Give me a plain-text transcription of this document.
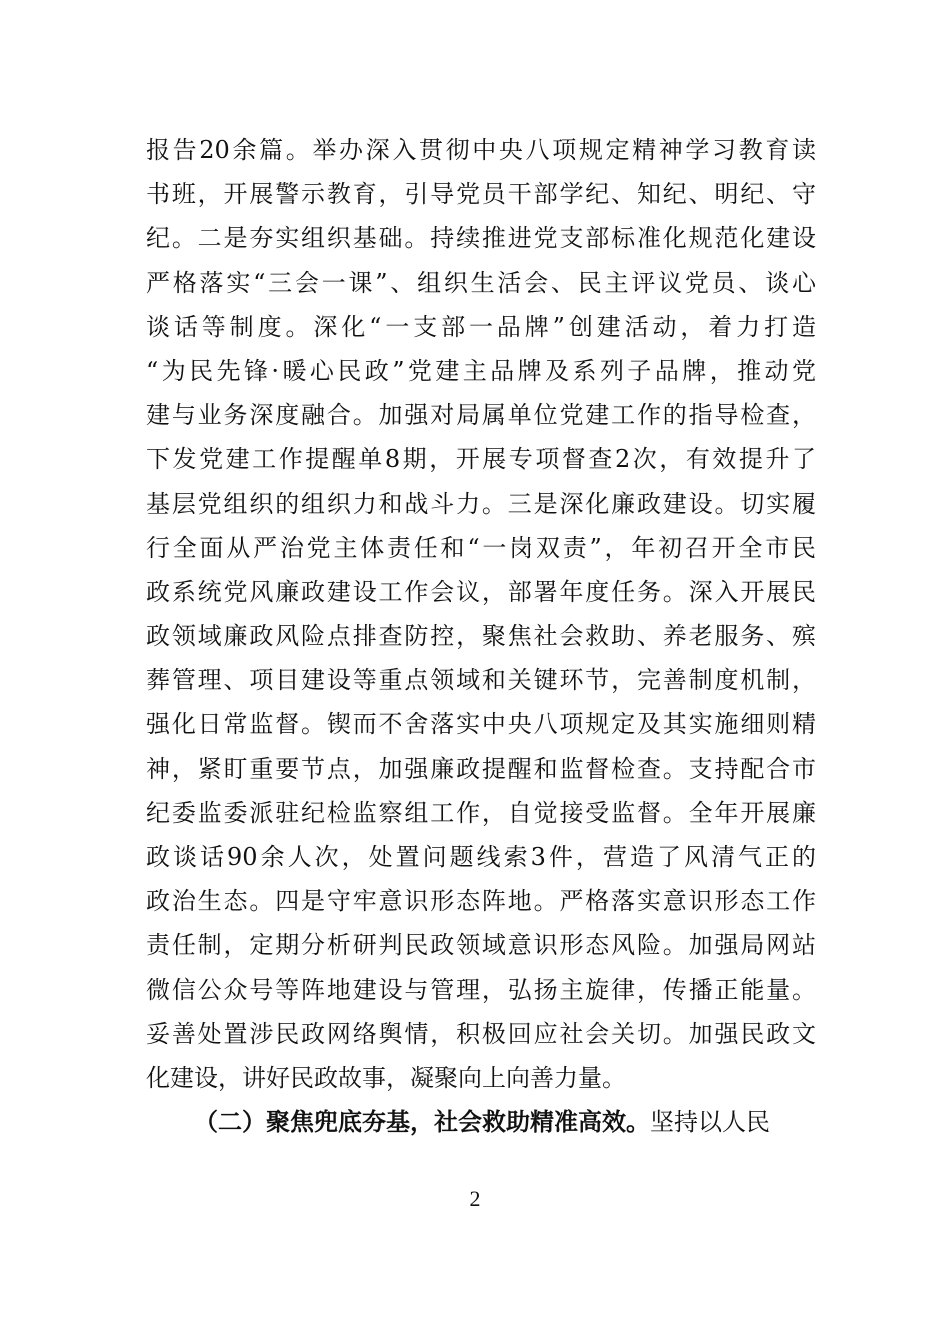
报告20余篇。举办深入贯彻中央八项规定精神学习教育读
书班，开展警示教育，引导党员干部学纪、知纪、明纪、守
纪。二是夯实组织基础。持续推进党支部标准化规范化建设
严格落实“三会一课”、组织生活会、民主评议党员、谈心
谈话等制度。深化“一支部一品牌”创建活动，着力打造
“为民先锋·暖心民政”党建主品牌及系列子品牌，推动党
建与业务深度融合。加强对局属单位党建工作的指导检查，
下发党建工作提醒单8期，开展专项督查2次，有效提升了
基层党组织的组织力和战斗力。三是深化廉政建设。切实履
行全面从严治党主体责任和“一岗双责”，年初召开全市民
政系统党风廉政建设工作会议，部署年度任务。深入开展民
政领域廉政风险点排查防控，聚焦社会救助、养老服务、殡
葬管理、项目建设等重点领域和关键环节，完善制度机制，
强化日常监督。锲而不舍落实中央八项规定及其实施细则精
神，紧盯重要节点，加强廉政提醒和监督检查。支持配合市
纪委监委派驻纪检监察组工作，自觉接受监督。全年开展廉
政谈话90余人次，处置问题线索3件，营造了风清气正的
政治生态。四是守牢意识形态阵地。严格落实意识形态工作
责任制，定期分析研判民政领域意识形态风险。加强局网站
微信公众号等阵地建设与管理，弘扬主旋律，传播正能量。
妥善处置涉民政网络舆情，积极回应社会关切。加强民政文
化建设，讲好民政故事，凝聚向上向善力量。
（二）聚焦兜底夯基，社会救助精准高效。坚持以人民
2
